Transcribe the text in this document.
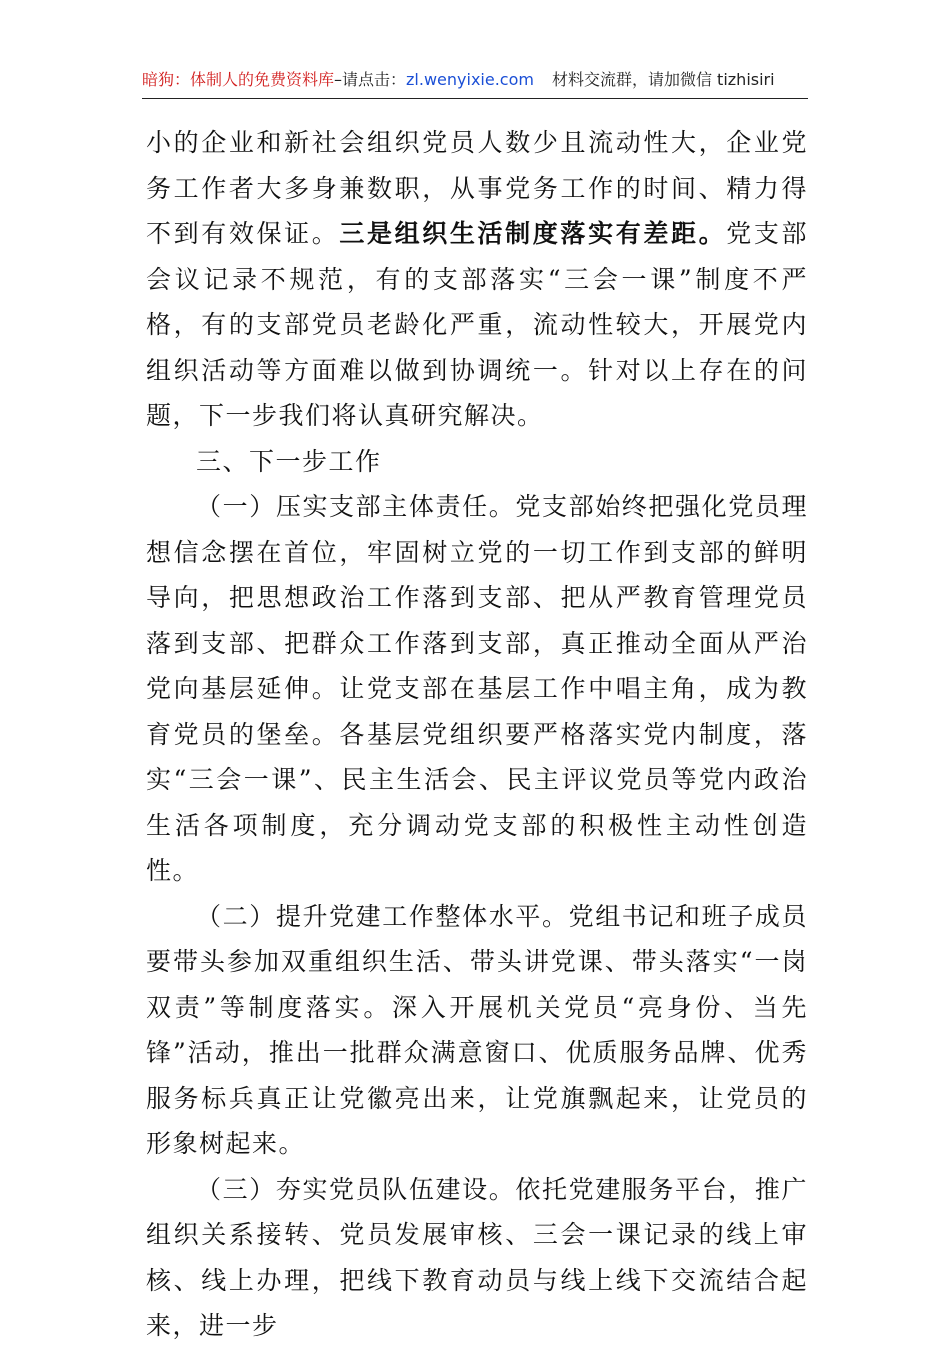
暗狗：体制人的免费资料库–请点击：zl.wenyixie.com 材料交流群，请加微信 tizhisiri

小的企业和新社会组织党员人数少且流动性大，企业党务工作者大多身兼数职，从事党务工作的时间、精力得不到有效保证。三是组织生活制度落实有差距。党支部会议记录不规范，有的支部落实“三会一课”制度不严格，有的支部党员老龄化严重，流动性较大，开展党内组织活动等方面难以做到协调统一。针对以上存在的问题，下一步我们将认真研究解决。

三、下一步工作

（一）压实支部主体责任。党支部始终把强化党员理想信念摆在首位，牢固树立党的一切工作到支部的鲜明导向，把思想政治工作落到支部、把从严教育管理党员落到支部、把群众工作落到支部，真正推动全面从严治党向基层延伸。让党支部在基层工作中唱主角，成为教育党员的堡垒。各基层党组织要严格落实党内制度，落实“三会一课”、民主生活会、民主评议党员等党内政治生活各项制度，充分调动党支部的积极性主动性创造性。

（二）提升党建工作整体水平。党组书记和班子成员要带头参加双重组织生活、带头讲党课、带头落实“一岗双责”等制度落实。深入开展机关党员“亮身份、当先锋”活动，推出一批群众满意窗口、优质服务品牌、优秀服务标兵真正让党徽亮出来，让党旗飘起来，让党员的形象树起来。

（三）夯实党员队伍建设。依托党建服务平台，推广组织关系接转、党员发展审核、三会一课记录的线上审核、线上办理，把线下教育动员与线上线下交流结合起来，进一步
